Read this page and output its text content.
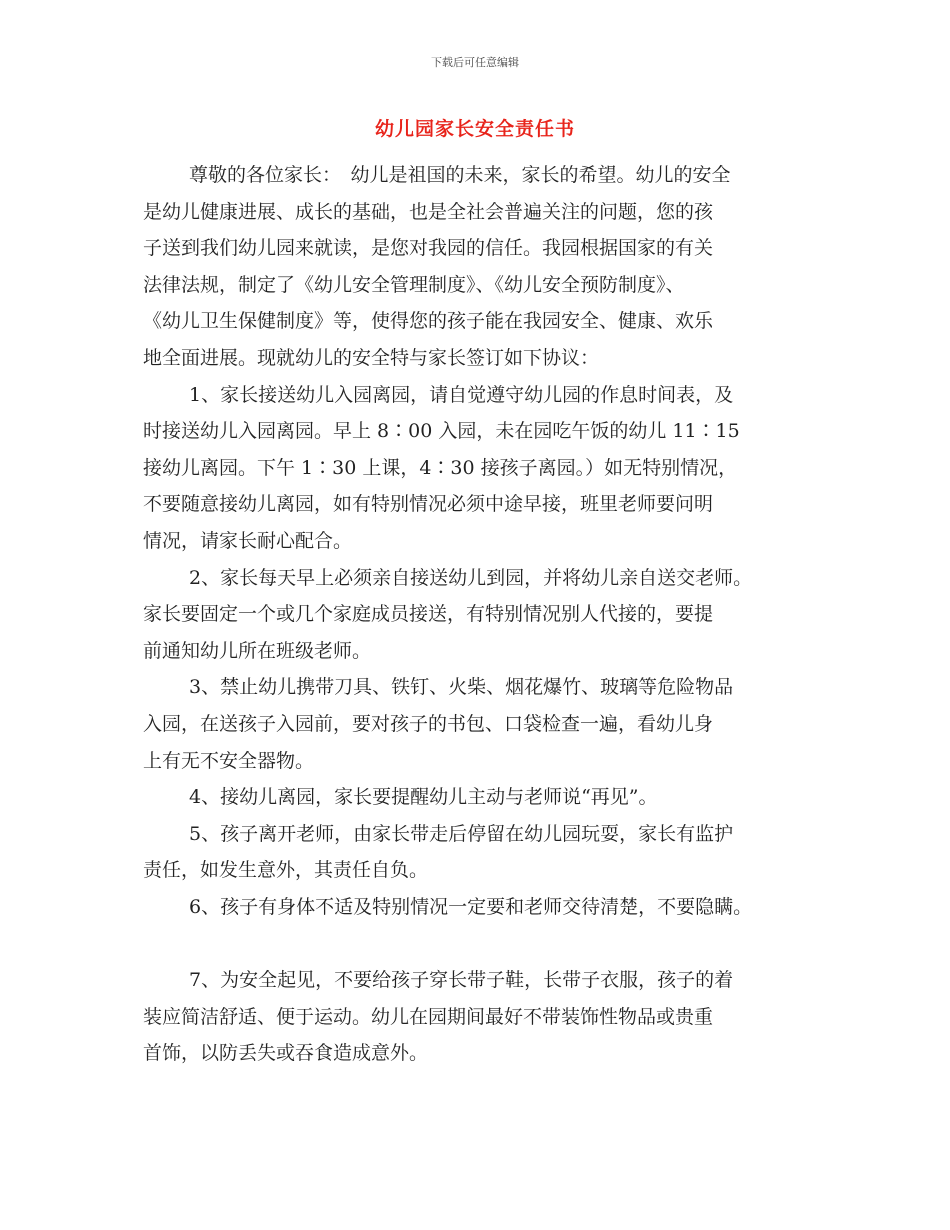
下载后可任意编辑
幼儿园家长安全责任书
尊敬的各位家长：　幼儿是祖国的未来，家长的希望。幼儿的安全
是幼儿健康进展、成长的基础，也是全社会普遍关注的问题，您的孩
子送到我们幼儿园来就读，是您对我园的信任。我园根据国家的有关
法律法规，制定了《幼儿安全管理制度》、《幼儿安全预防制度》、
《幼儿卫生保健制度》等，使得您的孩子能在我园安全、健康、欢乐
地全面进展。现就幼儿的安全特与家长签订如下协议：
1、家长接送幼儿入园离园，请自觉遵守幼儿园的作息时间表，及
时接送幼儿入园离园。早上 8∶00 入园，未在园吃午饭的幼儿 11∶15
接幼儿离园。下午 1∶30 上课，4∶30 接孩子离园。）如无特别情况，
不要随意接幼儿离园，如有特别情况必须中途早接，班里老师要问明
情况，请家长耐心配合。
2、家长每天早上必须亲自接送幼儿到园，并将幼儿亲自送交老师。
家长要固定一个或几个家庭成员接送，有特别情况别人代接的，要提
前通知幼儿所在班级老师。
3、禁止幼儿携带刀具、铁钉、火柴、烟花爆竹、玻璃等危险物品
入园，在送孩子入园前，要对孩子的书包、口袋检查一遍，看幼儿身
上有无不安全器物。
4、接幼儿离园，家长要提醒幼儿主动与老师说“再见”。
5、孩子离开老师，由家长带走后停留在幼儿园玩耍，家长有监护
责任，如发生意外，其责任自负。
6、孩子有身体不适及特别情况一定要和老师交待清楚，不要隐瞒。
7、为安全起见，不要给孩子穿长带子鞋，长带子衣服，孩子的着
装应简洁舒适、便于运动。幼儿在园期间最好不带装饰性物品或贵重
首饰，以防丢失或吞食造成意外。
